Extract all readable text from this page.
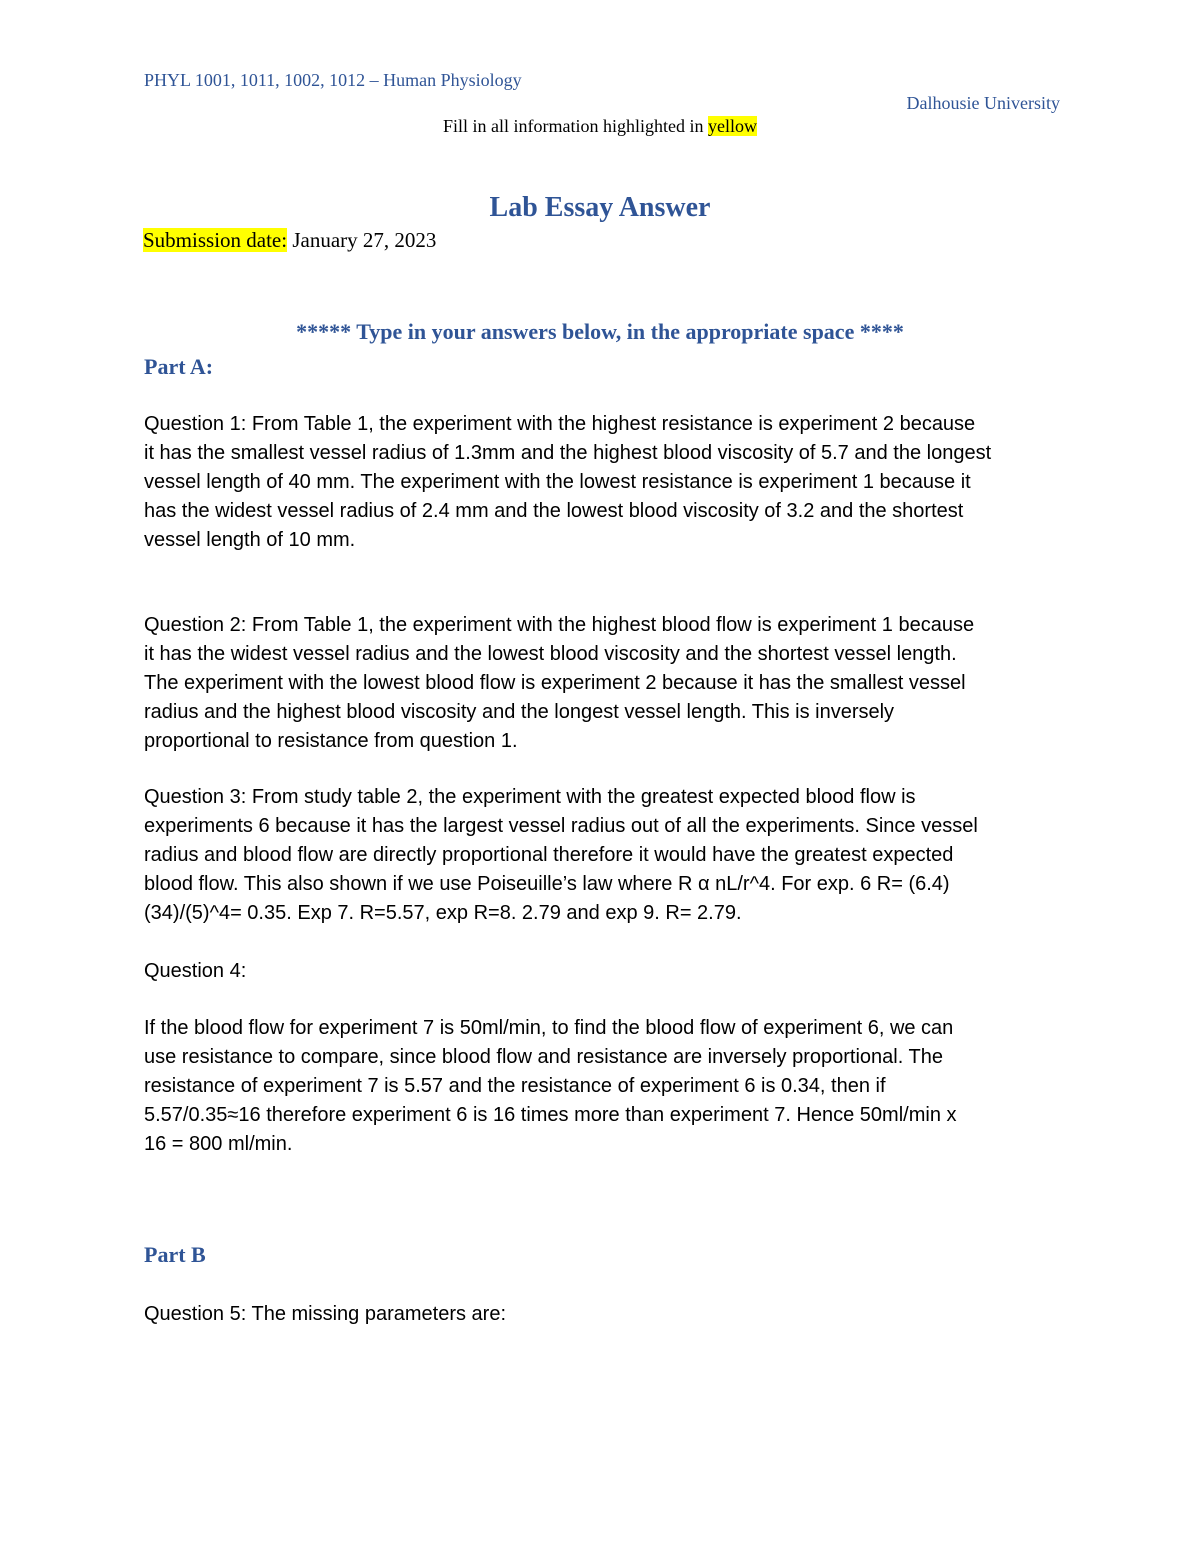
PHYL 1001, 1011, 1002, 1012 – Human Physiology
Dalhousie University
Fill in all information highlighted in yellow
Lab Essay Answer
Submission date: January 27, 2023
***** Type in your answers below, in the appropriate space ****
Part A:
Question 1: From Table 1, the experiment with the highest resistance is experiment 2 because
it has the smallest vessel radius of 1.3mm and the highest blood viscosity of 5.7 and the longest
vessel length of 40 mm. The experiment with the lowest resistance is experiment 1 because it
has the widest vessel radius of 2.4 mm and the lowest blood viscosity of 3.2 and the shortest
vessel length of 10 mm.
Question 2: From Table 1, the experiment with the highest blood flow is experiment 1 because
it has the widest vessel radius and the lowest blood viscosity and the shortest vessel length.
The experiment with the lowest blood flow is experiment 2 because it has the smallest vessel
radius and the highest blood viscosity and the longest vessel length. This is inversely
proportional to resistance from question 1.
Question 3: From study table 2, the experiment with the greatest expected blood flow is
experiments 6 because it has the largest vessel radius out of all the experiments. Since vessel
radius and blood flow are directly proportional therefore it would have the greatest expected
blood flow. This also shown if we use Poiseuille’s law where R α nL/r^4. For exp. 6 R= (6.4)
(34)/(5)^4= 0.35. Exp 7. R=5.57, exp R=8. 2.79 and exp 9. R= 2.79.
Question 4:
If the blood flow for experiment 7 is 50ml/min, to find the blood flow of experiment 6, we can
use resistance to compare, since blood flow and resistance are inversely proportional. The
resistance of experiment 7 is 5.57 and the resistance of experiment 6 is 0.34, then if
5.57/0.35≈16 therefore experiment 6 is 16 times more than experiment 7. Hence 50ml/min x
16 = 800 ml/min.
Part B
Question 5: The missing parameters are:
